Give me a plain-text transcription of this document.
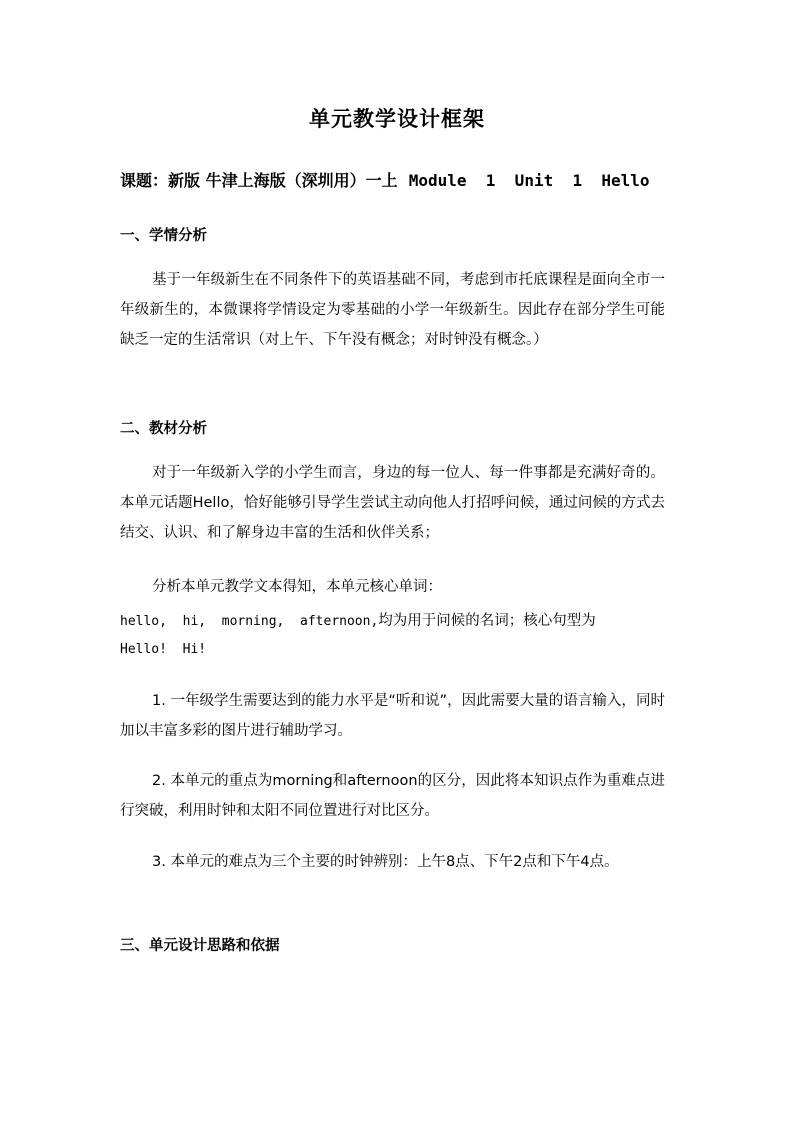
单元教学设计框架
课题：新版 牛津上海版（深圳用）一上 Module  1  Unit  1  Hello
一、学情分析
基于一年级新生在不同条件下的英语基础不同，考虑到市托底课程是面向全市一年级新生的，本微课将学情设定为零基础的小学一年级新生。因此存在部分学生可能缺乏一定的生活常识（对上午、下午没有概念；对时钟没有概念。）
二、教材分析
对于一年级新入学的小学生而言，身边的每一位人、每一件事都是充满好奇的。本单元话题Hello，恰好能够引导学生尝试主动向他人打招呼问候，通过问候的方式去结交、认识、和了解身边丰富的生活和伙伴关系；
分析本单元教学文本得知，本单元核心单词：
hello,  hi,  morning,  afternoon,均为用于问候的名词；核心句型为
Hello!  Hi!
1. 一年级学生需要达到的能力水平是“听和说”，因此需要大量的语言输入，同时加以丰富多彩的图片进行辅助学习。
2. 本单元的重点为morning和afternoon的区分，因此将本知识点作为重难点进行突破，利用时钟和太阳不同位置进行对比区分。
3. 本单元的难点为三个主要的时钟辨别：上午8点、下午2点和下午4点。
三、单元设计思路和依据
